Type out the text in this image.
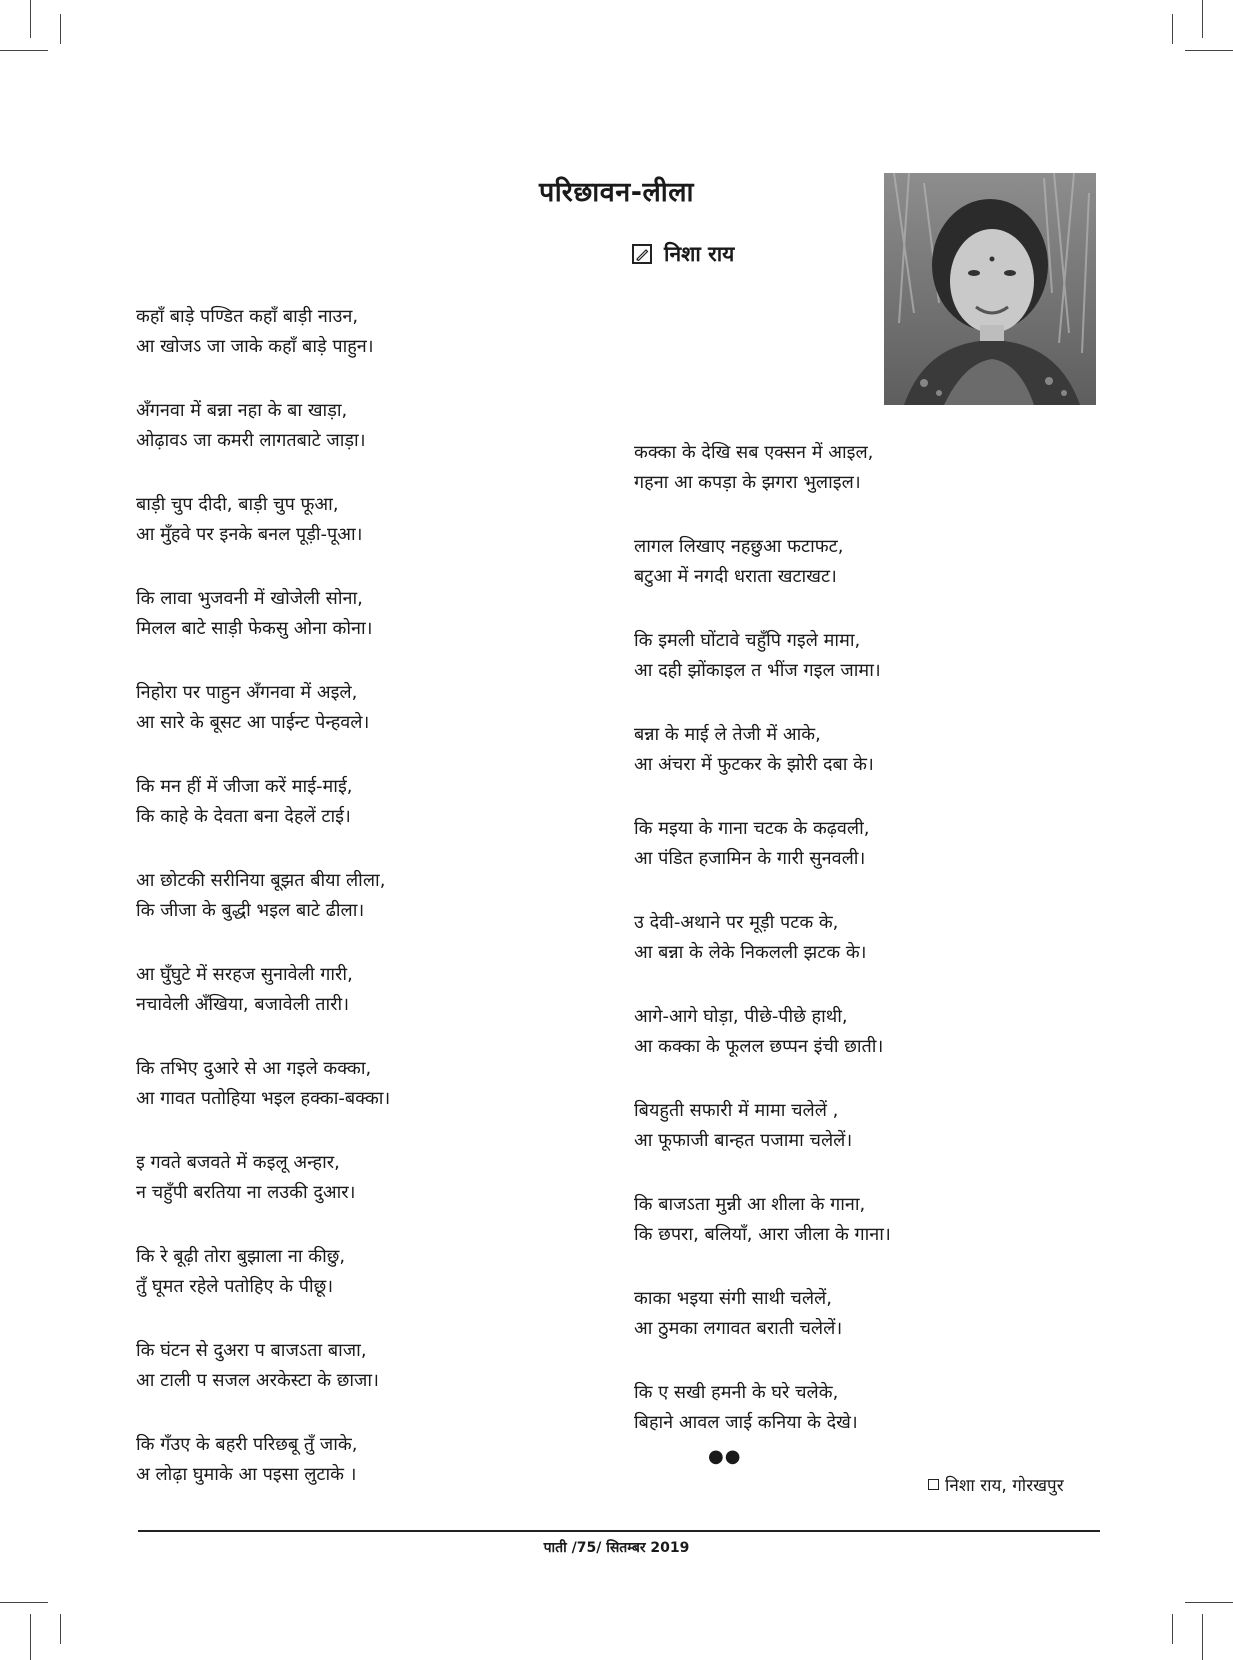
परिछावन-लीला
निशा राय
कहाँ बाड़े पण्डित कहाँ बाड़ी नाउन,
आ खोजऽ जा जाके कहाँ बाड़े पाहुन।
अँगनवा में बन्ना नहा के बा खाड़ा,
ओढ़ावऽ जा कमरी लागतबाटे जाड़ा।
बाड़ी चुप दीदी, बाड़ी चुप फूआ,
आ मुँहवे पर इनके बनल पूड़ी-पूआ।
कि लावा भुजवनी में खोजेली सोना,
मिलल बाटे साड़ी फेकसु ओना कोना।
निहोरा पर पाहुन अँगनवा में अइले,
आ सारे के बूसट आ पाईन्ट पेन्हवले।
कि मन हीं में जीजा करें माई-माई,
कि काहे के देवता बना देहलें टाई।
आ छोटकी सरीनिया बूझत बीया लीला,
कि जीजा के बुद्धी भइल बाटे ढीला।
आ घुँघुटे में सरहज सुनावेली गारी,
नचावेली अँखिया, बजावेली तारी।
कि तभिए दुआरे से आ गइले कक्का,
आ गावत पतोहिया भइल हक्का-बक्का।
इ गवते बजवते में कइलू अन्हार,
न चहुँपी बरतिया ना लउकी दुआर।
कि रे बूढ़ी तोरा बुझाला ना कीछु,
तुँ घूमत रहेले पतोहिए के पीछू।
कि घंटन से दुअरा प बाजऽता बाजा,
आ टाली प सजल अरकेस्टा के छाजा।
कि गँउए के बहरी परिछबू तुँ जाके,
अ लोढ़ा घुमाके आ पइसा लुटाके ।
कक्का के देखि सब एक्सन में आइल,
गहना आ कपड़ा के झगरा भुलाइल।
लागल लिखाए नहछुआ फटाफट,
बटुआ में नगदी धराता खटाखट।
कि इमली घोंटावे चहुँपि गइले मामा,
आ दही झोंकाइल त भींज गइल जामा।
बन्ना के माई ले तेजी में आके,
आ अंचरा में फुटकर के झोरी दबा के।
कि मइया के गाना चटक के कढ़वली,
आ पंडित हजामिन के गारी सुनवली।
उ देवी-अथाने पर मूड़ी पटक के,
आ बन्ना के लेके निकलली झटक के।
आगे-आगे घोड़ा, पीछे-पीछे हाथी,
आ कक्का के फूलल छप्पन इंची छाती।
बियहुती सफारी में मामा चलेलें ,
आ फूफाजी बान्हत पजामा चलेलें।
कि बाजऽता मुन्नी आ शीला के गाना,
कि छपरा, बलियाँ, आरा जीला के गाना।
काका भइया संगी साथी चलेलें,
आ ठुमका लगावत बराती चलेलें।
कि ए सखी हमनी के घरे चलेके,
बिहाने आवल जाई कनिया के देखे।
●●
निशा राय, गोरखपुर
पाती /75/ सितम्बर 2019
